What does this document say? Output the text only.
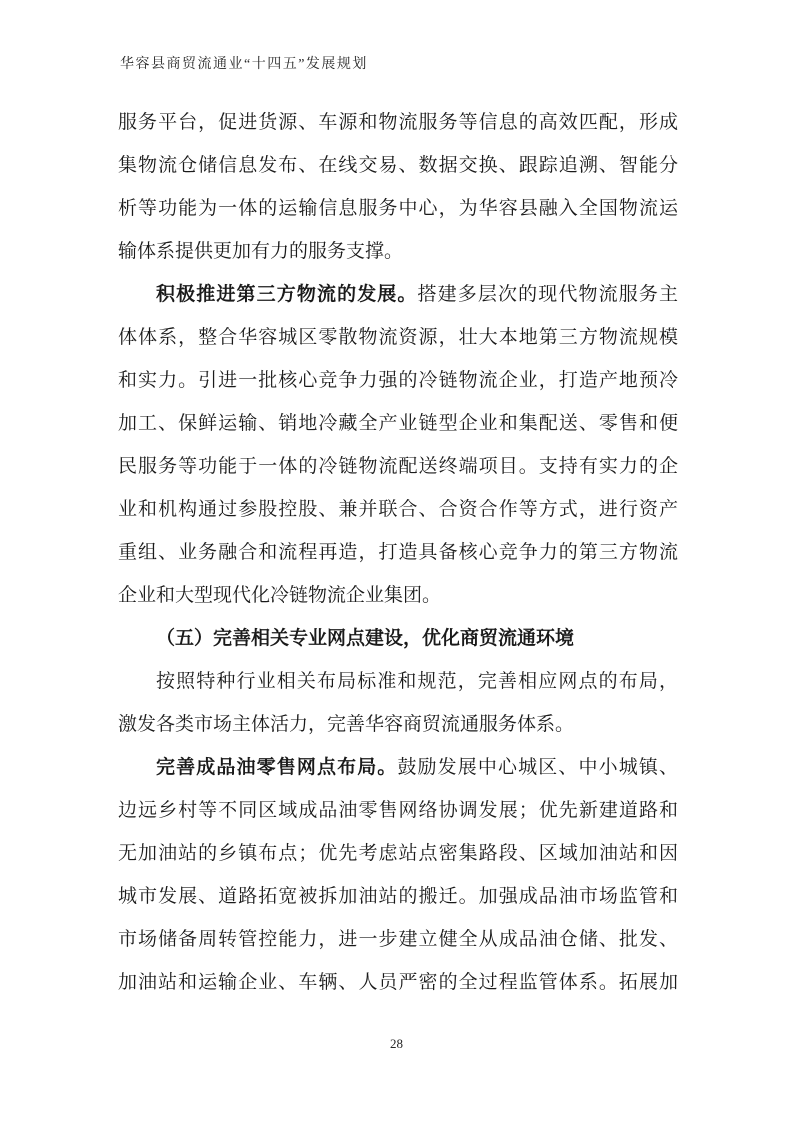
华容县商贸流通业“十四五”发展规划
服务平台，促进货源、车源和物流服务等信息的高效匹配，形成
集物流仓储信息发布、在线交易、数据交换、跟踪追溯、智能分
析等功能为一体的运输信息服务中心，为华容县融入全国物流运
输体系提供更加有力的服务支撑。
积极推进第三方物流的发展。搭建多层次的现代物流服务主
体体系，整合华容城区零散物流资源，壮大本地第三方物流规模
和实力。引进一批核心竞争力强的冷链物流企业，打造产地预冷
加工、保鲜运输、销地冷藏全产业链型企业和集配送、零售和便
民服务等功能于一体的冷链物流配送终端项目。支持有实力的企
业和机构通过参股控股、兼并联合、合资合作等方式，进行资产
重组、业务融合和流程再造，打造具备核心竞争力的第三方物流
企业和大型现代化冷链物流企业集团。
（五）完善相关专业网点建设，优化商贸流通环境
按照特种行业相关布局标准和规范，完善相应网点的布局，
激发各类市场主体活力，完善华容商贸流通服务体系。
完善成品油零售网点布局。鼓励发展中心城区、中小城镇、
边远乡村等不同区域成品油零售网络协调发展；优先新建道路和
无加油站的乡镇布点；优先考虑站点密集路段、区域加油站和因
城市发展、道路拓宽被拆加油站的搬迁。加强成品油市场监管和
市场储备周转管控能力，进一步建立健全从成品油仓储、批发、
加油站和运输企业、车辆、人员严密的全过程监管体系。拓展加
28
